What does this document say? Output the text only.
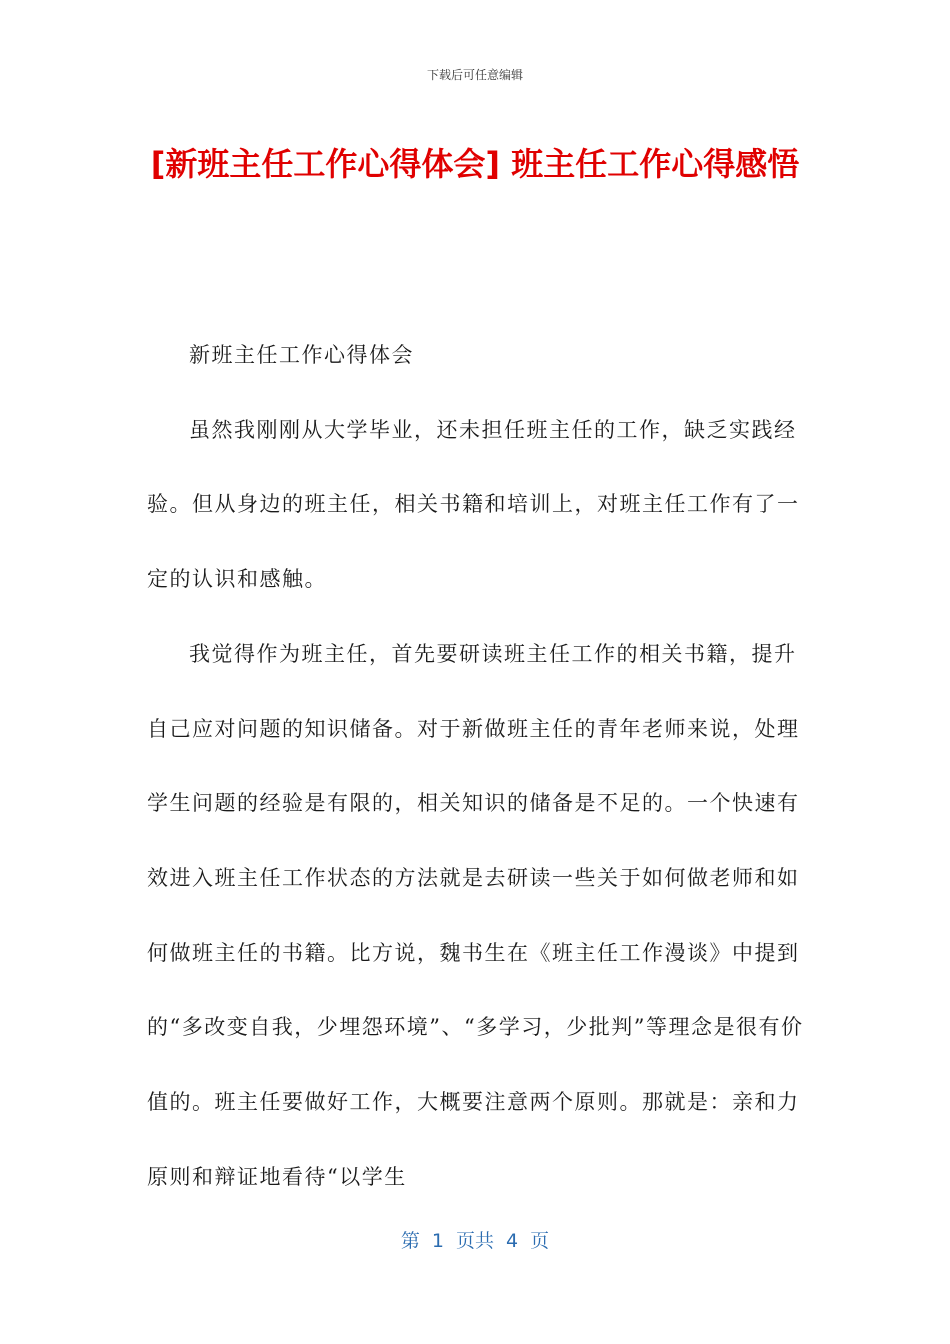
下载后可任意编辑
[新班主任工作心得体会] 班主任工作心得感悟

新班主任工作心得体会

虽然我刚刚从大学毕业，还未担任班主任的工作，缺乏实践经验。但从身边的班主任，相关书籍和培训上，对班主任工作有了一定的认识和感触。

我觉得作为班主任，首先要研读班主任工作的相关书籍，提升自己应对问题的知识储备。对于新做班主任的青年老师来说，处理学生问题的经验是有限的，相关知识的储备是不足的。一个快速有效进入班主任工作状态的方法就是去研读一些关于如何做老师和如何做班主任的书籍。比方说，魏书生在《班主任工作漫谈》中提到的“多改变自我，少埋怨环境”、“多学习，少批判”等理念是很有价值的。班主任要做好工作，大概要注意两个原则。那就是：亲和力原则和辩证地看待“以学生

第 1 页共 4 页
